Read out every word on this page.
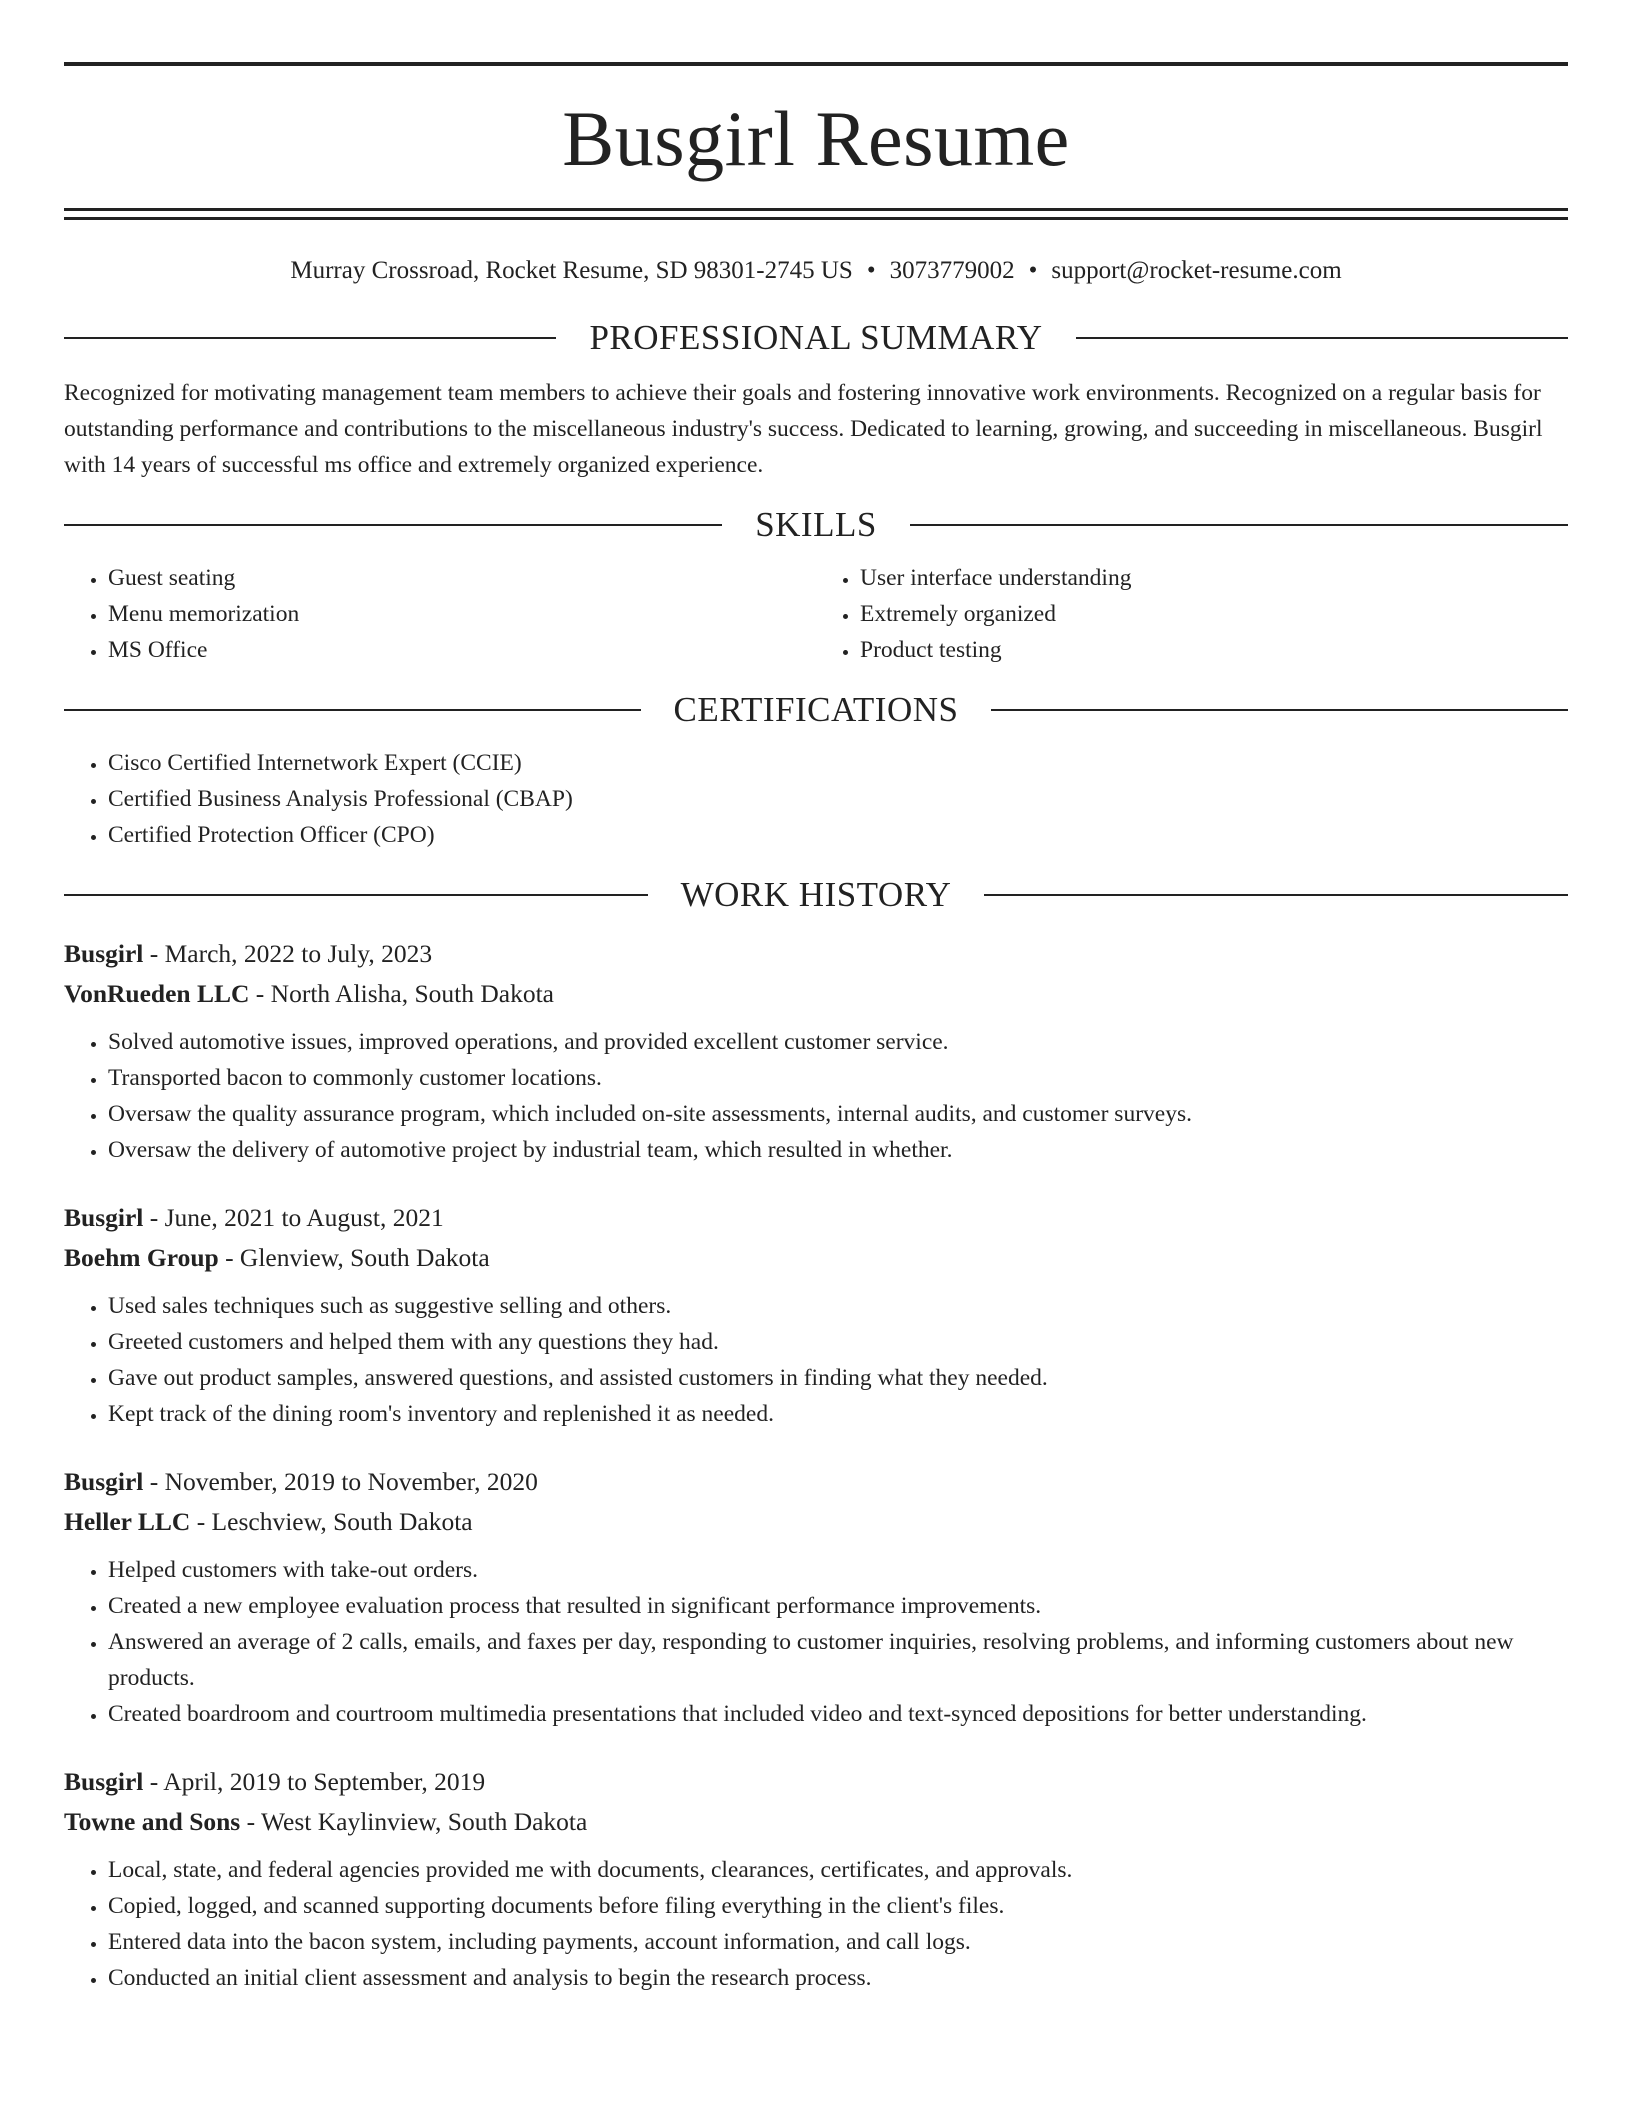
Busgirl Resume
Murray Crossroad, Rocket Resume, SD 98301-2745 US • 3073779002 • support@rocket-resume.com
PROFESSIONAL SUMMARY

Recognized for motivating management team members to achieve their goals and fostering innovative work environments. Recognized on a regular basis for outstanding performance and contributions to the miscellaneous industry's success. Dedicated to learning, growing, and succeeding in miscellaneous. Busgirl with 14 years of successful ms office and extremely organized experience.

SKILLS
• Guest seating
• Menu memorization
• MS Office
• User interface understanding
• Extremely organized
• Product testing
CERTIFICATIONS
• Cisco Certified Internetwork Expert (CCIE)
• Certified Business Analysis Professional (CBAP)
• Certified Protection Officer (CPO)
WORK HISTORY
Busgirl - March, 2022 to July, 2023
VonRueden LLC - North Alisha, South Dakota
• Solved automotive issues, improved operations, and provided excellent customer service.
• Transported bacon to commonly customer locations.
• Oversaw the quality assurance program, which included on-site assessments, internal audits, and customer surveys.
• Oversaw the delivery of automotive project by industrial team, which resulted in whether.
Busgirl - June, 2021 to August, 2021
Boehm Group - Glenview, South Dakota
• Used sales techniques such as suggestive selling and others.
• Greeted customers and helped them with any questions they had.
• Gave out product samples, answered questions, and assisted customers in finding what they needed.
• Kept track of the dining room's inventory and replenished it as needed.
Busgirl - November, 2019 to November, 2020
Heller LLC - Leschview, South Dakota
• Helped customers with take-out orders.
• Created a new employee evaluation process that resulted in significant performance improvements.
• Answered an average of 2 calls, emails, and faxes per day, responding to customer inquiries, resolving problems, and informing customers about new products.
• Created boardroom and courtroom multimedia presentations that included video and text-synced depositions for better understanding.
Busgirl - April, 2019 to September, 2019
Towne and Sons - West Kaylinview, South Dakota
• Local, state, and federal agencies provided me with documents, clearances, certificates, and approvals.
• Copied, logged, and scanned supporting documents before filing everything in the client's files.
• Entered data into the bacon system, including payments, account information, and call logs.
• Conducted an initial client assessment and analysis to begin the research process.
